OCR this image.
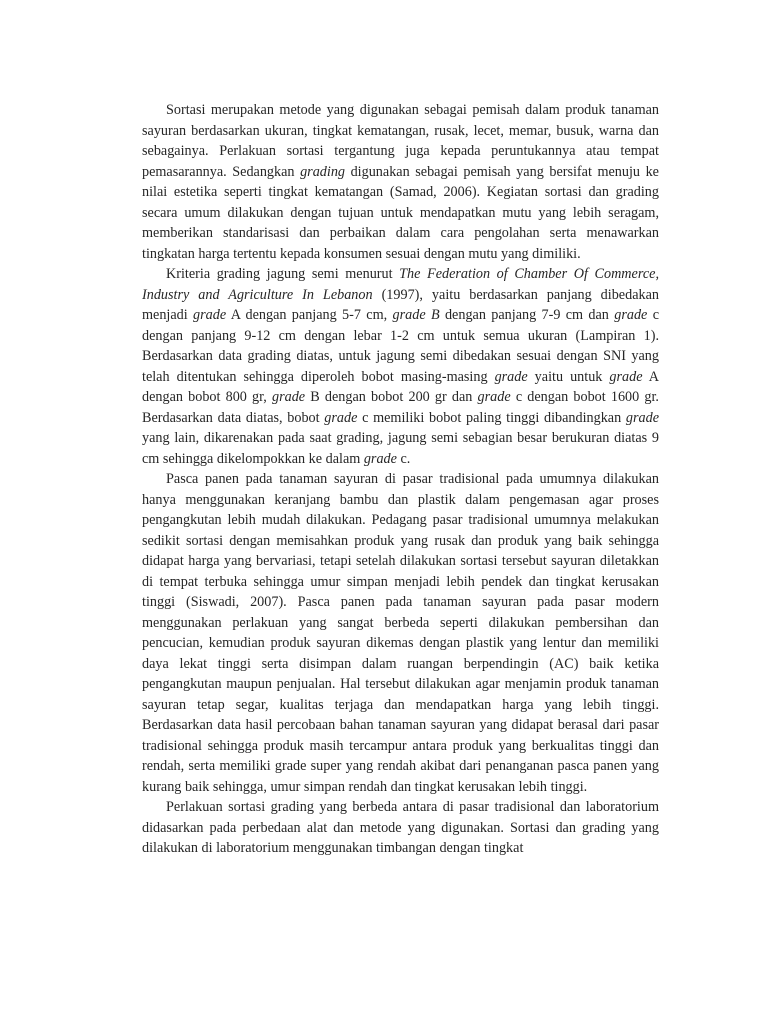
Sortasi merupakan metode yang digunakan sebagai pemisah dalam produk tanaman sayuran berdasarkan ukuran, tingkat kematangan, rusak, lecet, memar, busuk, warna dan sebagainya. Perlakuan sortasi tergantung juga kepada peruntukannya atau tempat pemasarannya. Sedangkan grading digunakan sebagai pemisah yang bersifat menuju ke nilai estetika seperti tingkat kematangan (Samad, 2006). Kegiatan sortasi dan grading secara umum dilakukan dengan tujuan untuk mendapatkan mutu yang lebih seragam, memberikan standarisasi dan perbaikan dalam cara pengolahan serta menawarkan tingkatan harga tertentu kepada konsumen sesuai dengan mutu yang dimiliki.

Kriteria grading jagung semi menurut The Federation of Chamber Of Commerce, Industry and Agriculture In Lebanon (1997), yaitu berdasarkan panjang dibedakan menjadi grade A dengan panjang 5-7 cm, grade B dengan panjang 7-9 cm dan grade c dengan panjang 9-12 cm dengan lebar 1-2 cm untuk semua ukuran (Lampiran 1). Berdasarkan data grading diatas, untuk jagung semi dibedakan sesuai dengan SNI yang telah ditentukan sehingga diperoleh bobot masing-masing grade yaitu untuk grade A dengan bobot 800 gr, grade B dengan bobot 200 gr dan grade c dengan bobot 1600 gr. Berdasarkan data diatas, bobot grade c memiliki bobot paling tinggi dibandingkan grade yang lain, dikarenakan pada saat grading, jagung semi sebagian besar berukuran diatas 9 cm sehingga dikelompokkan ke dalam grade c.

Pasca panen pada tanaman sayuran di pasar tradisional pada umumnya dilakukan hanya menggunakan keranjang bambu dan plastik dalam pengemasan agar proses pengangkutan lebih mudah dilakukan. Pedagang pasar tradisional umumnya melakukan sedikit sortasi dengan memisahkan produk yang rusak dan produk yang baik sehingga didapat harga yang bervariasi, tetapi setelah dilakukan sortasi tersebut sayuran diletakkan di tempat terbuka sehingga umur simpan menjadi lebih pendek dan tingkat kerusakan tinggi (Siswadi, 2007). Pasca panen pada tanaman sayuran pada pasar modern menggunakan perlakuan yang sangat berbeda seperti dilakukan pembersihan dan pencucian, kemudian produk sayuran dikemas dengan plastik yang lentur dan memiliki daya lekat tinggi serta disimpan dalam ruangan berpendingin (AC) baik ketika pengangkutan maupun penjualan. Hal tersebut dilakukan agar menjamin produk tanaman sayuran tetap segar, kualitas terjaga dan mendapatkan harga yang lebih tinggi. Berdasarkan data hasil percobaan bahan tanaman sayuran yang didapat berasal dari pasar tradisional sehingga produk masih tercampur antara produk yang berkualitas tinggi dan rendah, serta memiliki grade super yang rendah akibat dari penanganan pasca panen yang kurang baik sehingga, umur simpan rendah dan tingkat kerusakan lebih tinggi.

Perlakuan sortasi grading yang berbeda antara di pasar tradisional dan laboratorium didasarkan pada perbedaan alat dan metode yang digunakan. Sortasi dan grading yang dilakukan di laboratorium menggunakan timbangan dengan tingkat
